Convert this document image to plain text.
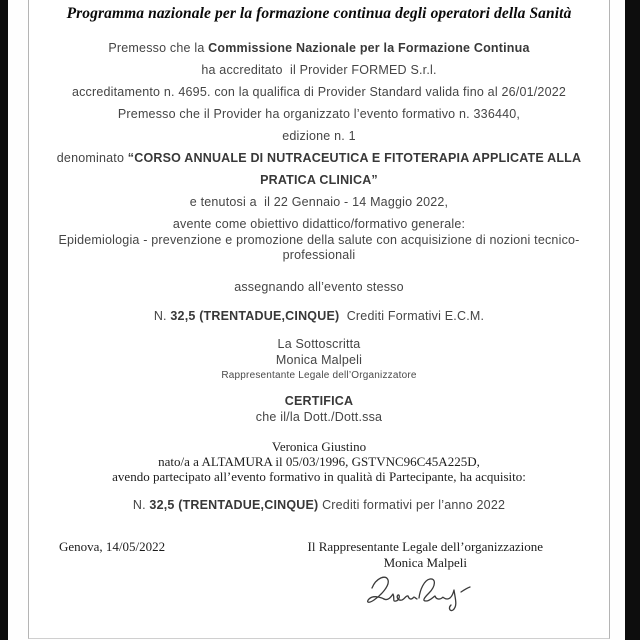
Programma nazionale per la formazione continua degli operatori della Sanità

Premesso che la Commissione Nazionale per la Formazione Continua

ha accreditato  il Provider FORMED S.r.l.

accreditamento n. 4695. con la qualifica di Provider Standard valida fino al 26/01/2022

Premesso che il Provider ha organizzato l’evento formativo n. 336440,

edizione n. 1

denominato “CORSO ANNUALE DI NUTRACEUTICA E FITOTERAPIA APPLICATE ALLA PRATICA CLINICA”

e tenutosi a  il 22 Gennaio - 14 Maggio 2022,

avente come obiettivo didattico/formativo generale:

Epidemiologia - prevenzione e promozione della salute con acquisizione di nozioni tecnico-professionali

assegnando all’evento stesso

N. 32,5 (TRENTADUE,CINQUE)  Crediti Formativi E.C.M.

La Sottoscritta

Monica Malpeli

Rappresentante Legale dell’Organizzatore

CERTIFICA

che il/la Dott./Dott.ssa

Veronica Giustino

nato/a a ALTAMURA il 05/03/1996, GSTVNC96C45A225D,

avendo partecipato all’evento formativo in qualità di Partecipante, ha acquisito:

N. 32,5 (TRENTADUE,CINQUE) Crediti formativi per l’anno 2022

Genova, 14/05/2022	Il Rappresentante Legale dell’organizzazione

Monica Malpeli
